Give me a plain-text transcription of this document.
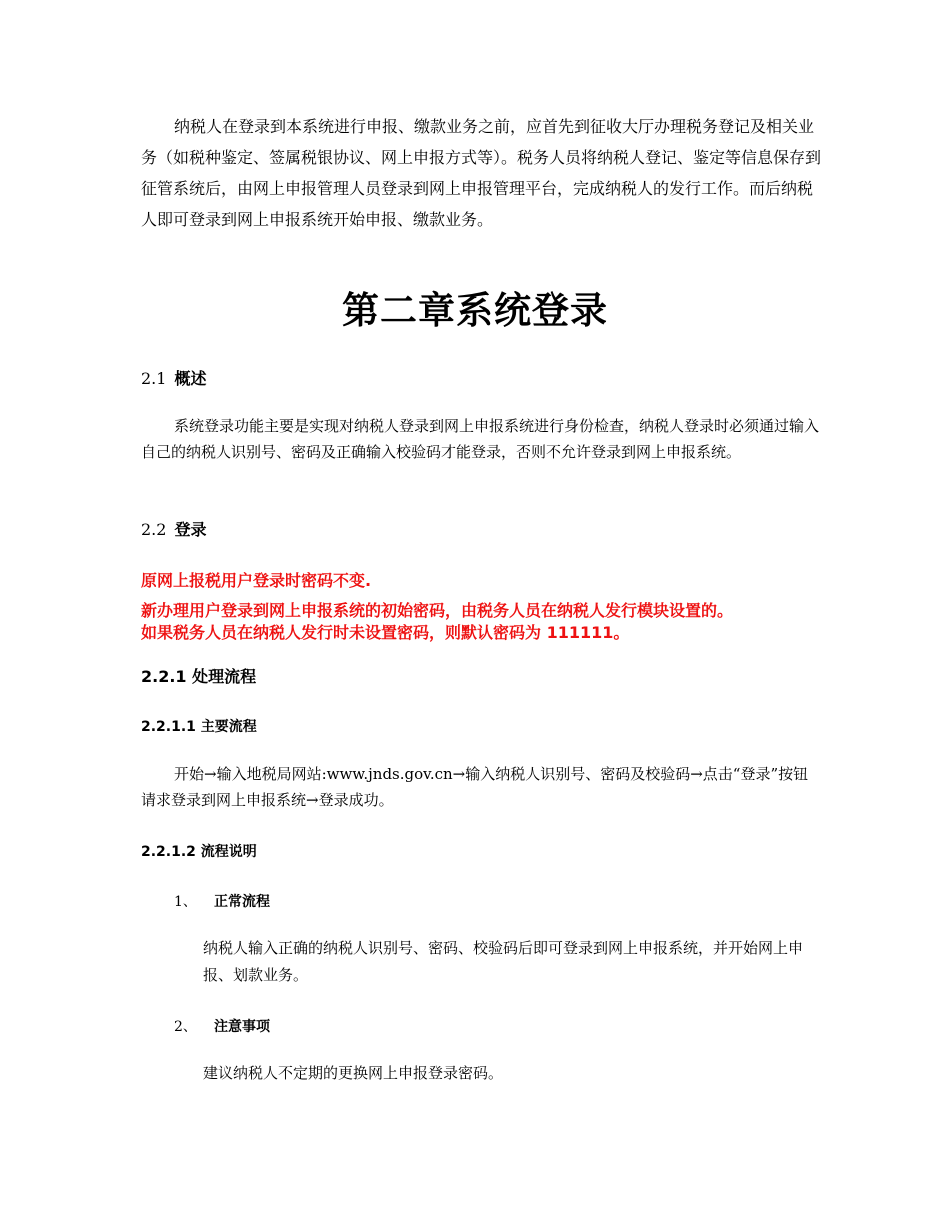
纳税人在登录到本系统进行申报、缴款业务之前，应首先到征收大厅办理税务登记及相关业务（如税种鉴定、签属税银协议、网上申报方式等）。税务人员将纳税人登记、鉴定等信息保存到征管系统后，由网上申报管理人员登录到网上申报管理平台，完成纳税人的发行工作。而后纳税人即可登录到网上申报系统开始申报、缴款业务。

第二章系统登录
2.1 概述

系统登录功能主要是实现对纳税人登录到网上申报系统进行身份检查，纳税人登录时必须通过输入自己的纳税人识别号、密码及正确输入校验码才能登录，否则不允许登录到网上申报系统。

2.2 登录

原网上报税用户登录时密码不变.

新办理用户登录到网上申报系统的初始密码，由税务人员在纳税人发行模块设置的。

如果税务人员在纳税人发行时未设置密码，则默认密码为 111111。

2.2.1 处理流程
2.2.1.1 主要流程

开始→输入地税局网站:www.jnds.gov.cn→输入纳税人识别号、密码及校验码→点击“登录”按钮请求登录到网上申报系统→登录成功。

2.2.1.2 流程说明

1、 正常流程

纳税人输入正确的纳税人识别号、密码、校验码后即可登录到网上申报系统，并开始网上申报、划款业务。

2、 注意事项

建议纳税人不定期的更换网上申报登录密码。
